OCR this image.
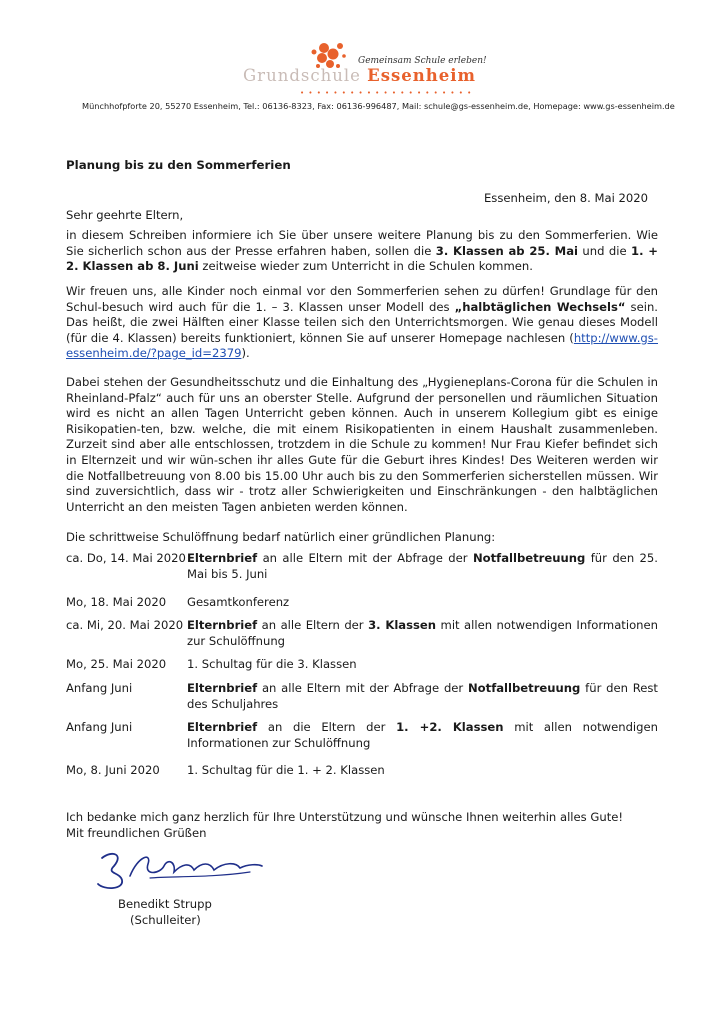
Gemeinsam Schule erleben!
Grundschule Essenheim
• • • • • • • • • • • • • • • • • • • • •
Münchhofpforte 20, 55270 Essenheim, Tel.: 06136-8323, Fax: 06136-996487, Mail: schule@gs-essenheim.de, Homepage: www.gs-essenheim.de
Planung bis zu den Sommerferien
Essenheim, den 8. Mai 2020
Sehr geehrte Eltern,
in diesem Schreiben informiere ich Sie über unsere weitere Planung bis zu den Sommerferien. Wie Sie sicherlich schon aus der Presse erfahren haben, sollen die 3. Klassen ab 25. Mai und die 1. + 2. Klassen ab 8. Juni zeitweise wieder zum Unterricht in die Schulen kommen.
Wir freuen uns, alle Kinder noch einmal vor den Sommerferien sehen zu dürfen! Grundlage für den Schul-besuch wird auch für die 1. – 3. Klassen unser Modell des „halbtäglichen Wechsels“ sein. Das heißt, die zwei Hälften einer Klasse teilen sich den Unterrichtsmorgen. Wie genau dieses Modell (für die 4. Klassen) bereits funktioniert, können Sie auf unserer Homepage nachlesen (http://www.gs-essenheim.de/?page_id=2379).
Dabei stehen der Gesundheitsschutz und die Einhaltung des „Hygieneplans-Corona für die Schulen in Rheinland-Pfalz“ auch für uns an oberster Stelle. Aufgrund der personellen und räumlichen Situation wird es nicht an allen Tagen Unterricht geben können. Auch in unserem Kollegium gibt es einige Risikopatien-ten, bzw. welche, die mit einem Risikopatienten in einem Haushalt zusammenleben. Zurzeit sind aber alle entschlossen, trotzdem in die Schule zu kommen! Nur Frau Kiefer befindet sich in Elternzeit und wir wün-schen ihr alles Gute für die Geburt ihres Kindes! Des Weiteren werden wir die Notfallbetreuung von 8.00 bis 15.00 Uhr auch bis zu den Sommerferien sicherstellen müssen. Wir sind zuversichtlich, dass wir - trotz aller Schwierigkeiten und Einschränkungen - den halbtäglichen Unterricht an den meisten Tagen anbieten werden können.
Die schrittweise Schulöffnung bedarf natürlich einer gründlichen Planung:
ca. Do, 14. Mai 2020 Elternbrief an alle Eltern mit der Abfrage der Notfallbetreuung für den 25. Mai bis 5. Juni
Mo, 18. Mai 2020	Gesamtkonferenz
ca. Mi, 20. Mai 2020 Elternbrief an alle Eltern der 3. Klassen mit allen notwendigen Informationen zur Schulöffnung
Mo, 25. Mai 2020	1. Schultag für die 3. Klassen
Anfang Juni	Elternbrief an alle Eltern mit der Abfrage der Notfallbetreuung für den Rest des Schuljahres
Anfang Juni	Elternbrief an die Eltern der 1. +2. Klassen mit allen notwendigen Informationen zur Schulöffnung
Mo, 8. Juni 2020	1. Schultag für die 1. + 2. Klassen
Ich bedanke mich ganz herzlich für Ihre Unterstützung und wünsche Ihnen weiterhin alles Gute!
Mit freundlichen Grüßen
Benedikt Strupp
(Schulleiter)
